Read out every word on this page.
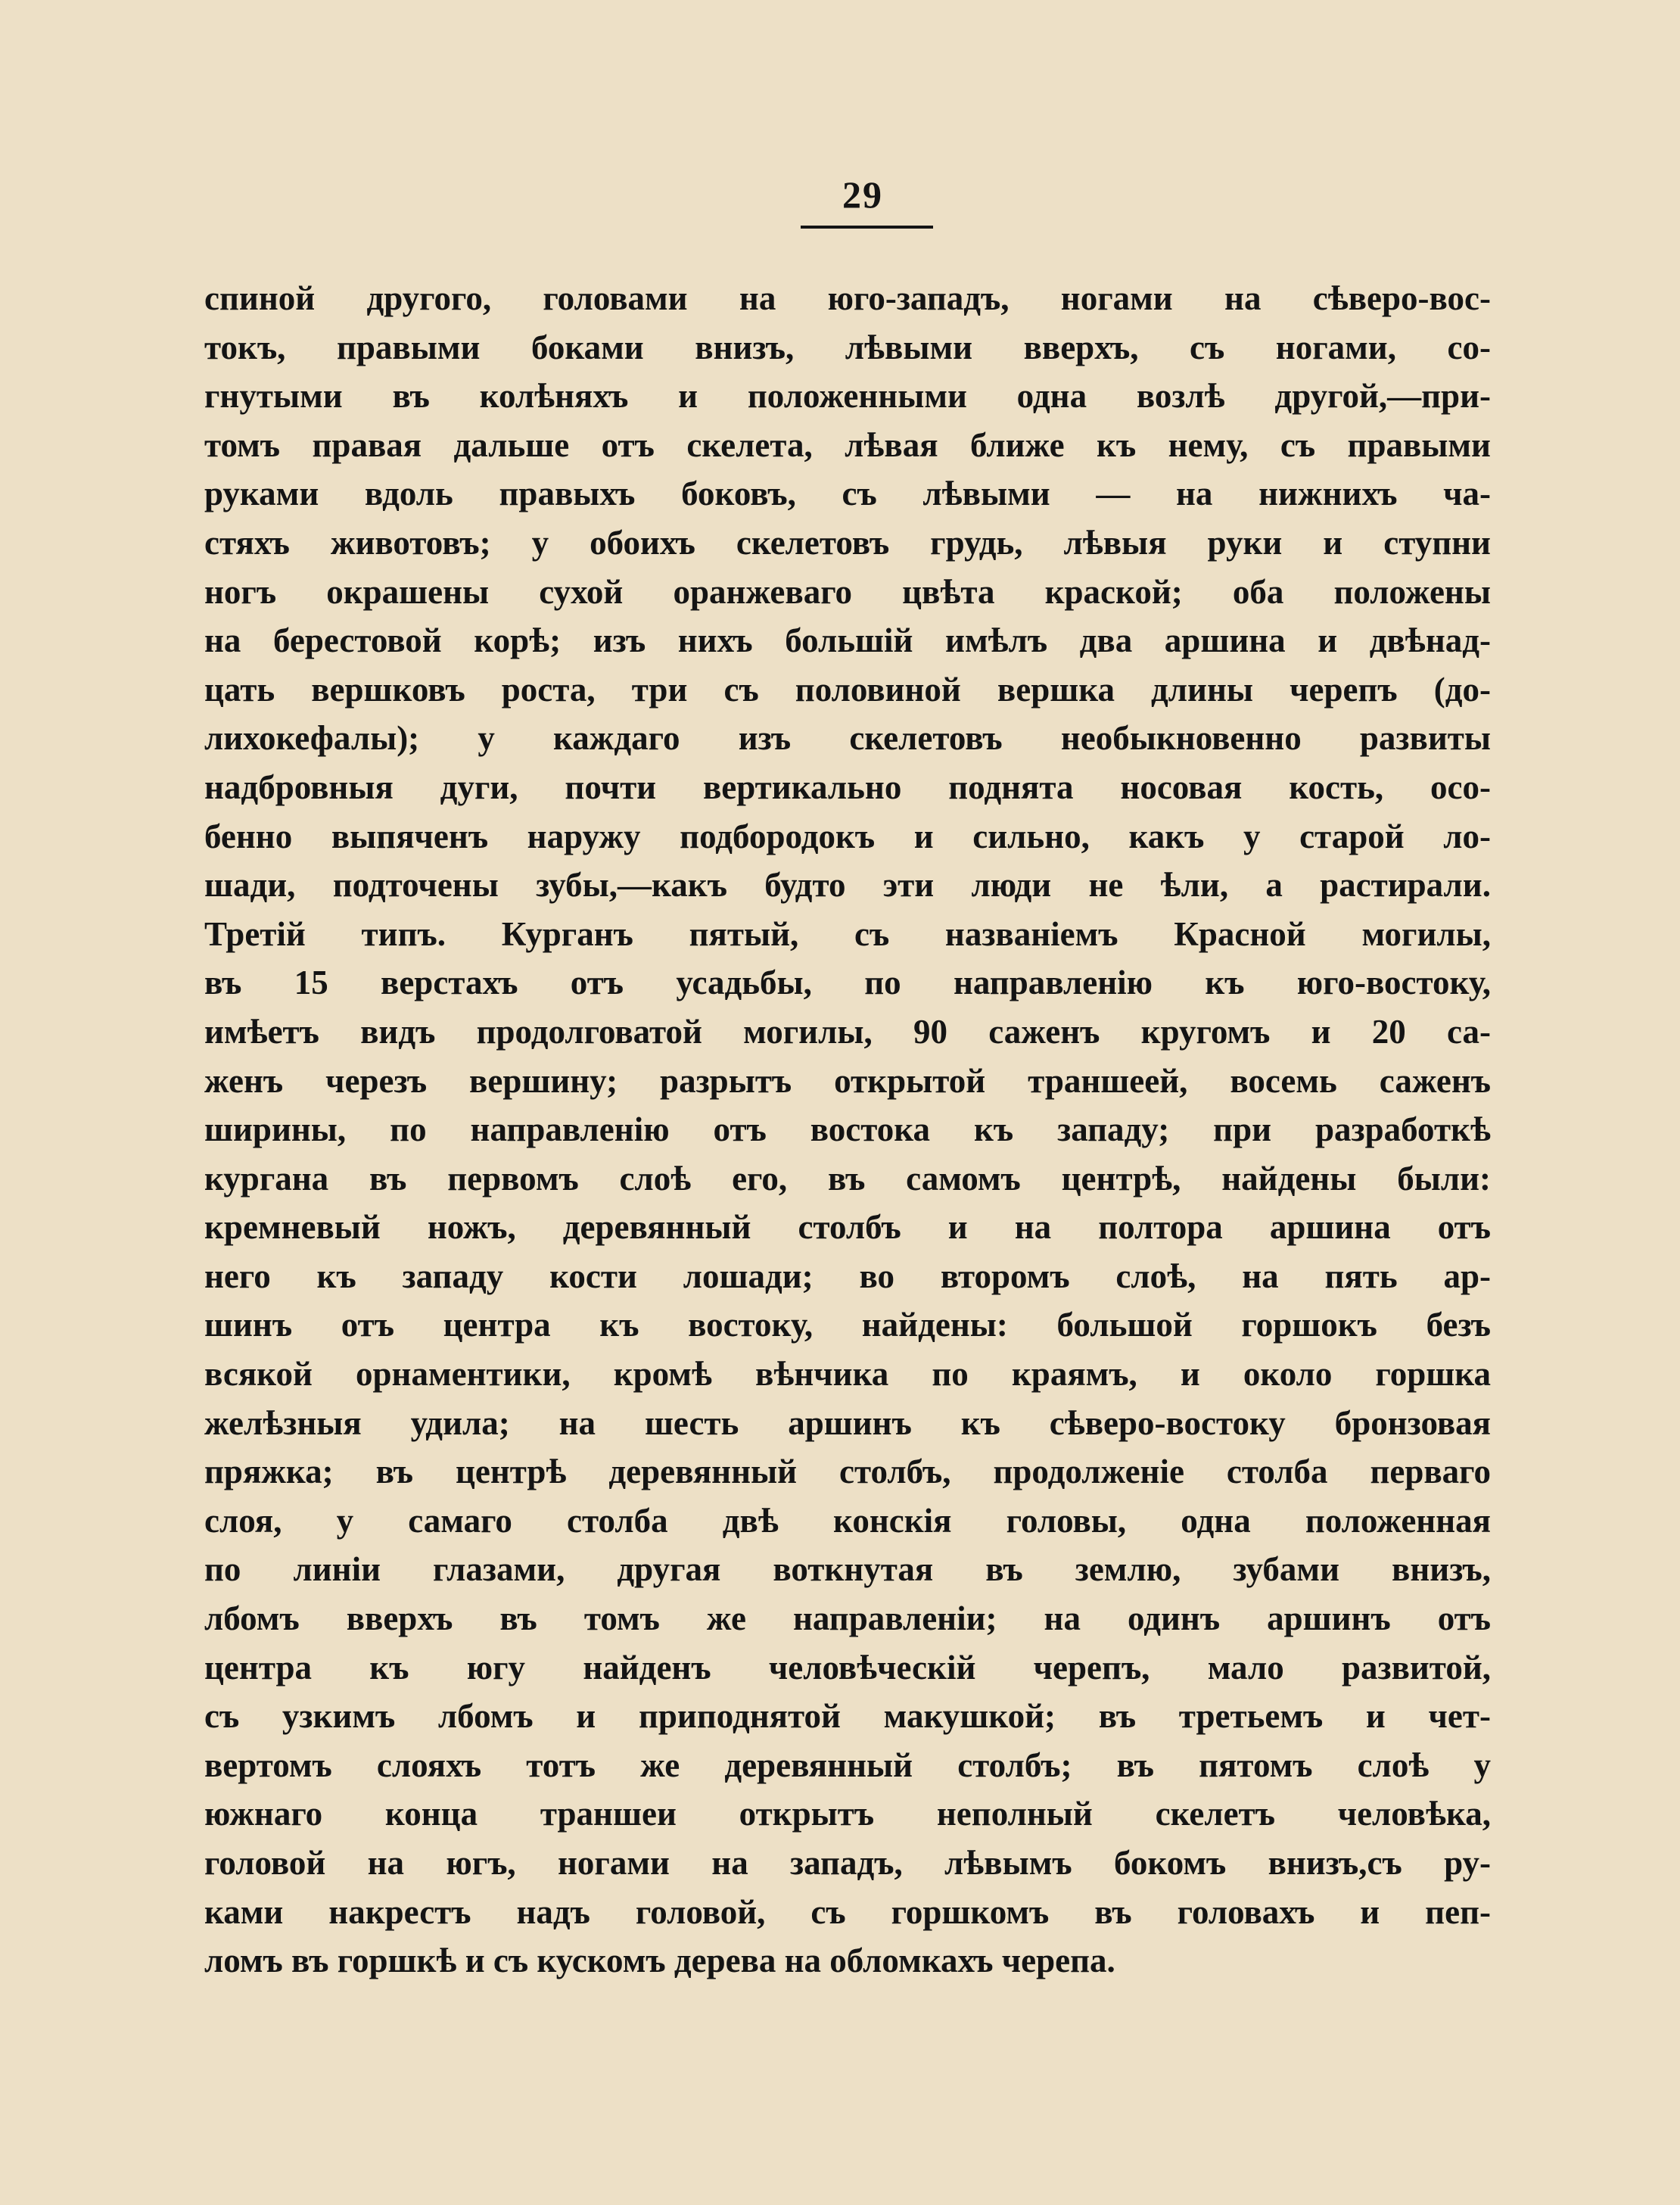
29
спиной другого, головами на юго-западъ, ногами на сѣверо-вос-
токъ, правыми боками внизъ, лѣвыми вверхъ, съ ногами, со-
гнутыми въ колѣняхъ и положенными одна возлѣ другой,—при-
томъ правая дальше отъ скелета, лѣвая ближе къ нему, съ правыми
руками вдоль правыхъ боковъ, съ лѣвыми — на нижнихъ ча-
стяхъ животовъ; у обоихъ скелетовъ грудь, лѣвыя руки и ступни
ногъ окрашены сухой оранжеваго цвѣта краской; оба положены
на берестовой корѣ; изъ нихъ большій имѣлъ два аршина и двѣнад-
цать вершковъ роста, три съ половиной вершка длины черепъ (до-
лихокефалы); у каждаго изъ скелетовъ необыкновенно развиты
надбровныя дуги, почти вертикально поднята носовая кость, осо-
бенно выпяченъ наружу подбородокъ и сильно, какъ у старой ло-
шади, подточены зубы,—какъ будто эти люди не ѣли, а растирали.
Третій типъ. Курганъ пятый, съ названіемъ Красной могилы,
въ 15 верстахъ отъ усадьбы, по направленію къ юго-востоку,
имѣетъ видъ продолговатой могилы, 90 саженъ кругомъ и 20 са-
женъ черезъ вершину; разрытъ открытой траншеей, восемь саженъ
ширины, по направленію отъ востока къ западу; при разработкѣ
кургана въ первомъ слоѣ его, въ самомъ центрѣ, найдены были:
кремневый ножъ, деревянный столбъ и на полтора аршина отъ
него къ западу кости лошади; во второмъ слоѣ, на пять ар-
шинъ отъ центра къ востоку, найдены: большой горшокъ безъ
всякой орнаментики, кромѣ вѣнчика по краямъ, и около горшка
желѣзныя удила; на шесть аршинъ къ сѣверо-востоку бронзовая
пряжка; въ центрѣ деревянный столбъ, продолженіе столба перваго
слоя, у самаго столба двѣ конскія головы, одна положенная
по линіи глазами, другая воткнутая въ землю, зубами внизъ,
лбомъ вверхъ въ томъ же направленіи; на одинъ аршинъ отъ
центра къ югу найденъ человѣческій черепъ, мало развитой,
съ узкимъ лбомъ и приподнятой макушкой; въ третьемъ и чет-
вертомъ слояхъ тотъ же деревянный столбъ; въ пятомъ слоѣ у
южнаго конца траншеи открытъ неполный скелетъ человѣка,
головой на югъ, ногами на западъ, лѣвымъ бокомъ внизъ,съ ру-
ками накрестъ надъ головой, съ горшкомъ въ головахъ и пеп-
ломъ въ горшкѣ и съ кускомъ дерева на обломкахъ черепа.
